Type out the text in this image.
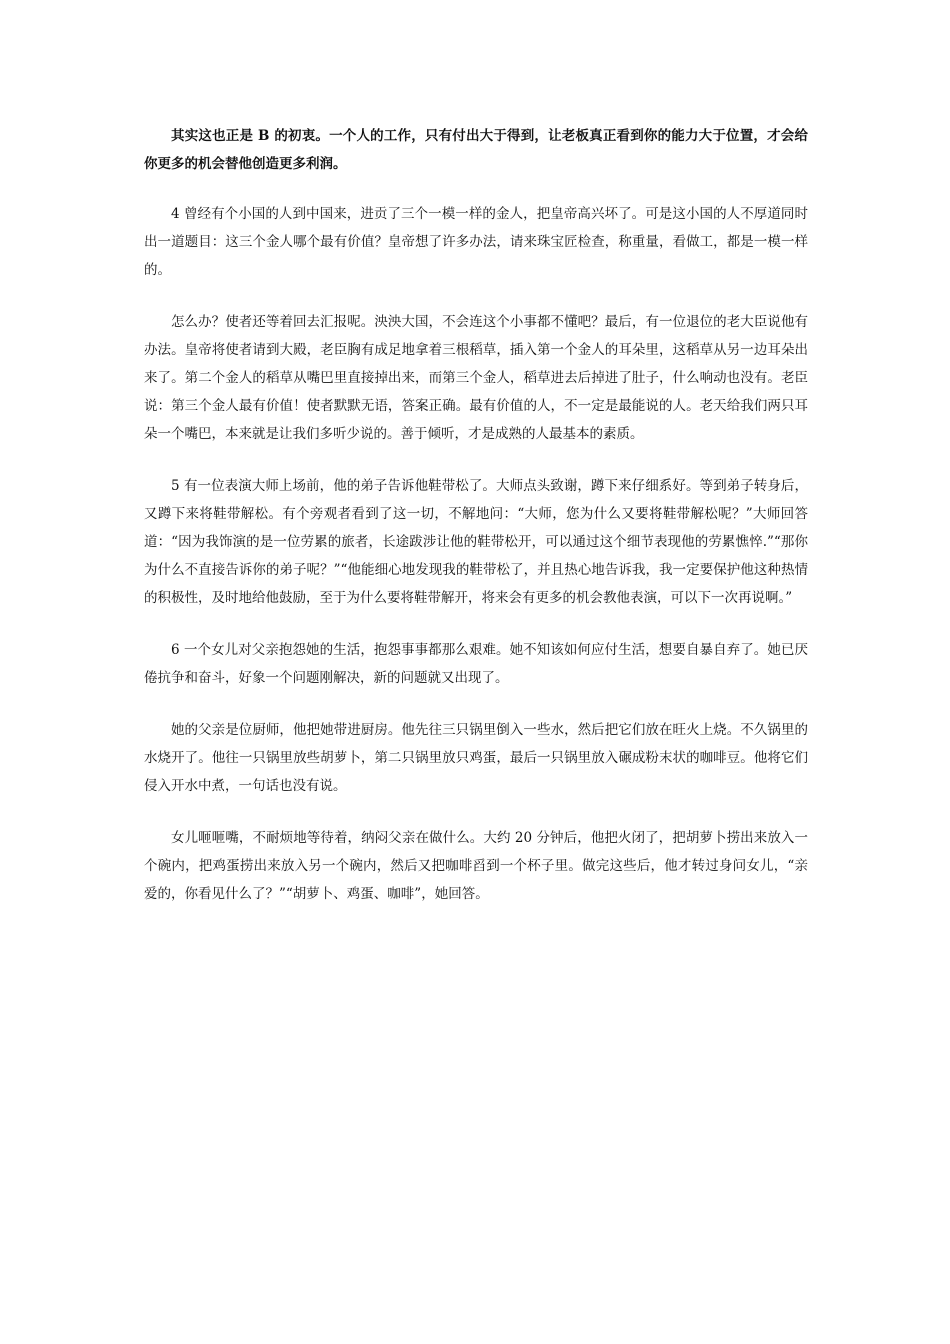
其实这也正是 B 的初衷。一个人的工作，只有付出大于得到，让老板真正看到你的能力大于位置，才会给你更多的机会替他创造更多利润。

4 曾经有个小国的人到中国来，进贡了三个一模一样的金人，把皇帝高兴坏了。可是这小国的人不厚道同时出一道题目：这三个金人哪个最有价值？皇帝想了许多办法，请来珠宝匠检查，称重量，看做工，都是一模一样的。

怎么办？使者还等着回去汇报呢。泱泱大国，不会连这个小事都不懂吧？最后，有一位退位的老大臣说他有办法。皇帝将使者请到大殿，老臣胸有成足地拿着三根稻草，插入第一个金人的耳朵里，这稻草从另一边耳朵出来了。第二个金人的稻草从嘴巴里直接掉出来，而第三个金人，稻草进去后掉进了肚子，什么响动也没有。老臣说：第三个金人最有价值！使者默默无语，答案正确。最有价值的人，不一定是最能说的人。老天给我们两只耳朵一个嘴巴，本来就是让我们多听少说的。善于倾听，才是成熟的人最基本的素质。

5 有一位表演大师上场前，他的弟子告诉他鞋带松了。大师点头致谢，蹲下来仔细系好。等到弟子转身后，又蹲下来将鞋带解松。有个旁观者看到了这一切，不解地问：“大师，您为什么又要将鞋带解松呢？”大师回答道：“因为我饰演的是一位劳累的旅者，长途跋涉让他的鞋带松开，可以通过这个细节表现他的劳累憔悴.”“那你为什么不直接告诉你的弟子呢？”“他能细心地发现我的鞋带松了，并且热心地告诉我，我一定要保护他这种热情的积极性，及时地给他鼓励，至于为什么要将鞋带解开，将来会有更多的机会教他表演，可以下一次再说啊。”

6 一个女儿对父亲抱怨她的生活，抱怨事事都那么艰难。她不知该如何应付生活，想要自暴自弃了。她已厌倦抗争和奋斗，好象一个问题刚解决，新的问题就又出现了。

她的父亲是位厨师，他把她带进厨房。他先往三只锅里倒入一些水，然后把它们放在旺火上烧。不久锅里的水烧开了。他往一只锅里放些胡萝卜，第二只锅里放只鸡蛋，最后一只锅里放入碾成粉末状的咖啡豆。他将它们侵入开水中煮，一句话也没有说。

女儿咂咂嘴，不耐烦地等待着，纳闷父亲在做什么。大约 20 分钟后，他把火闭了，把胡萝卜捞出来放入一个碗内，把鸡蛋捞出来放入另一个碗内，然后又把咖啡舀到一个杯子里。做完这些后，他才转过身问女儿，“亲爱的，你看见什么了？”“胡萝卜、鸡蛋、咖啡”，她回答。
